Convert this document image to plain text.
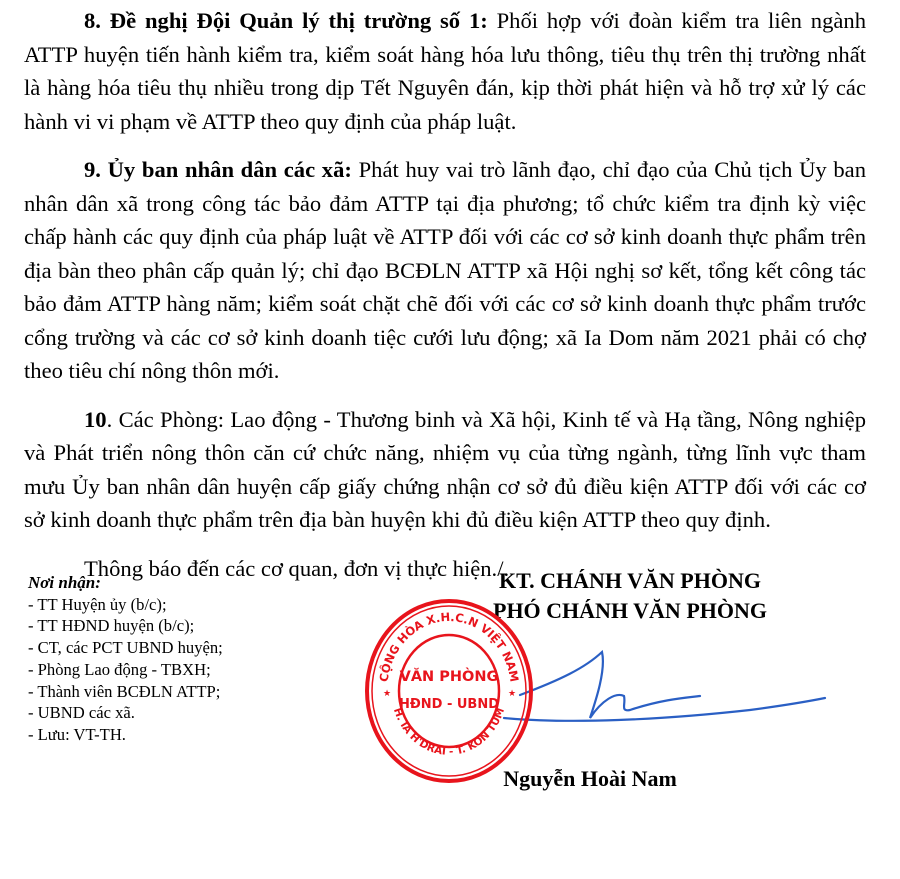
8. Đề nghị Đội Quản lý thị trường số 1: Phối hợp với đoàn kiểm tra liên ngành ATTP huyện tiến hành kiểm tra, kiểm soát hàng hóa lưu thông, tiêu thụ trên thị trường nhất là hàng hóa tiêu thụ nhiều trong dịp Tết Nguyên đán, kịp thời phát hiện và hỗ trợ xử lý các hành vi vi phạm về ATTP theo quy định của pháp luật.

9. Ủy ban nhân dân các xã: Phát huy vai trò lãnh đạo, chỉ đạo của Chủ tịch Ủy ban nhân dân xã trong công tác bảo đảm ATTP tại địa phương; tổ chức kiểm tra định kỳ việc chấp hành các quy định của pháp luật về ATTP đối với các cơ sở kinh doanh thực phẩm trên địa bàn theo phân cấp quản lý; chỉ đạo BCĐLN ATTP xã Hội nghị sơ kết, tổng kết công tác bảo đảm ATTP hàng năm; kiểm soát chặt chẽ đối với các cơ sở kinh doanh thực phẩm trước cổng trường và các cơ sở kinh doanh tiệc cưới lưu động; xã Ia Dom năm 2021 phải có chợ theo tiêu chí nông thôn mới.

10. Các Phòng: Lao động - Thương binh và Xã hội, Kinh tế và Hạ tầng, Nông nghiệp và Phát triển nông thôn căn cứ chức năng, nhiệm vụ của từng ngành, từng lĩnh vực tham mưu Ủy ban nhân dân huyện cấp giấy chứng nhận cơ sở đủ điều kiện ATTP đối với các cơ sở kinh doanh thực phẩm trên địa bàn huyện khi đủ điều kiện ATTP theo quy định.

Thông báo đến các cơ quan, đơn vị thực hiện./.

Nơi nhận:
- TT Huyện ủy (b/c);
- TT HĐND huyện (b/c);
- CT, các PCT UBND huyện;
- Phòng Lao động - TBXH;
- Thành viên BCĐLN ATTP;
- UBND các xã.
- Lưu: VT-TH.
KT. CHÁNH VĂN PHÒNG
PHÓ CHÁNH VĂN PHÒNG
CỘNG HÒA X.H.C.N VIỆT NAM
H. IA H'DRAI - T. KON TUM
VĂN PHÒNG
HĐND - UBND
★	★
Nguyễn Hoài Nam
